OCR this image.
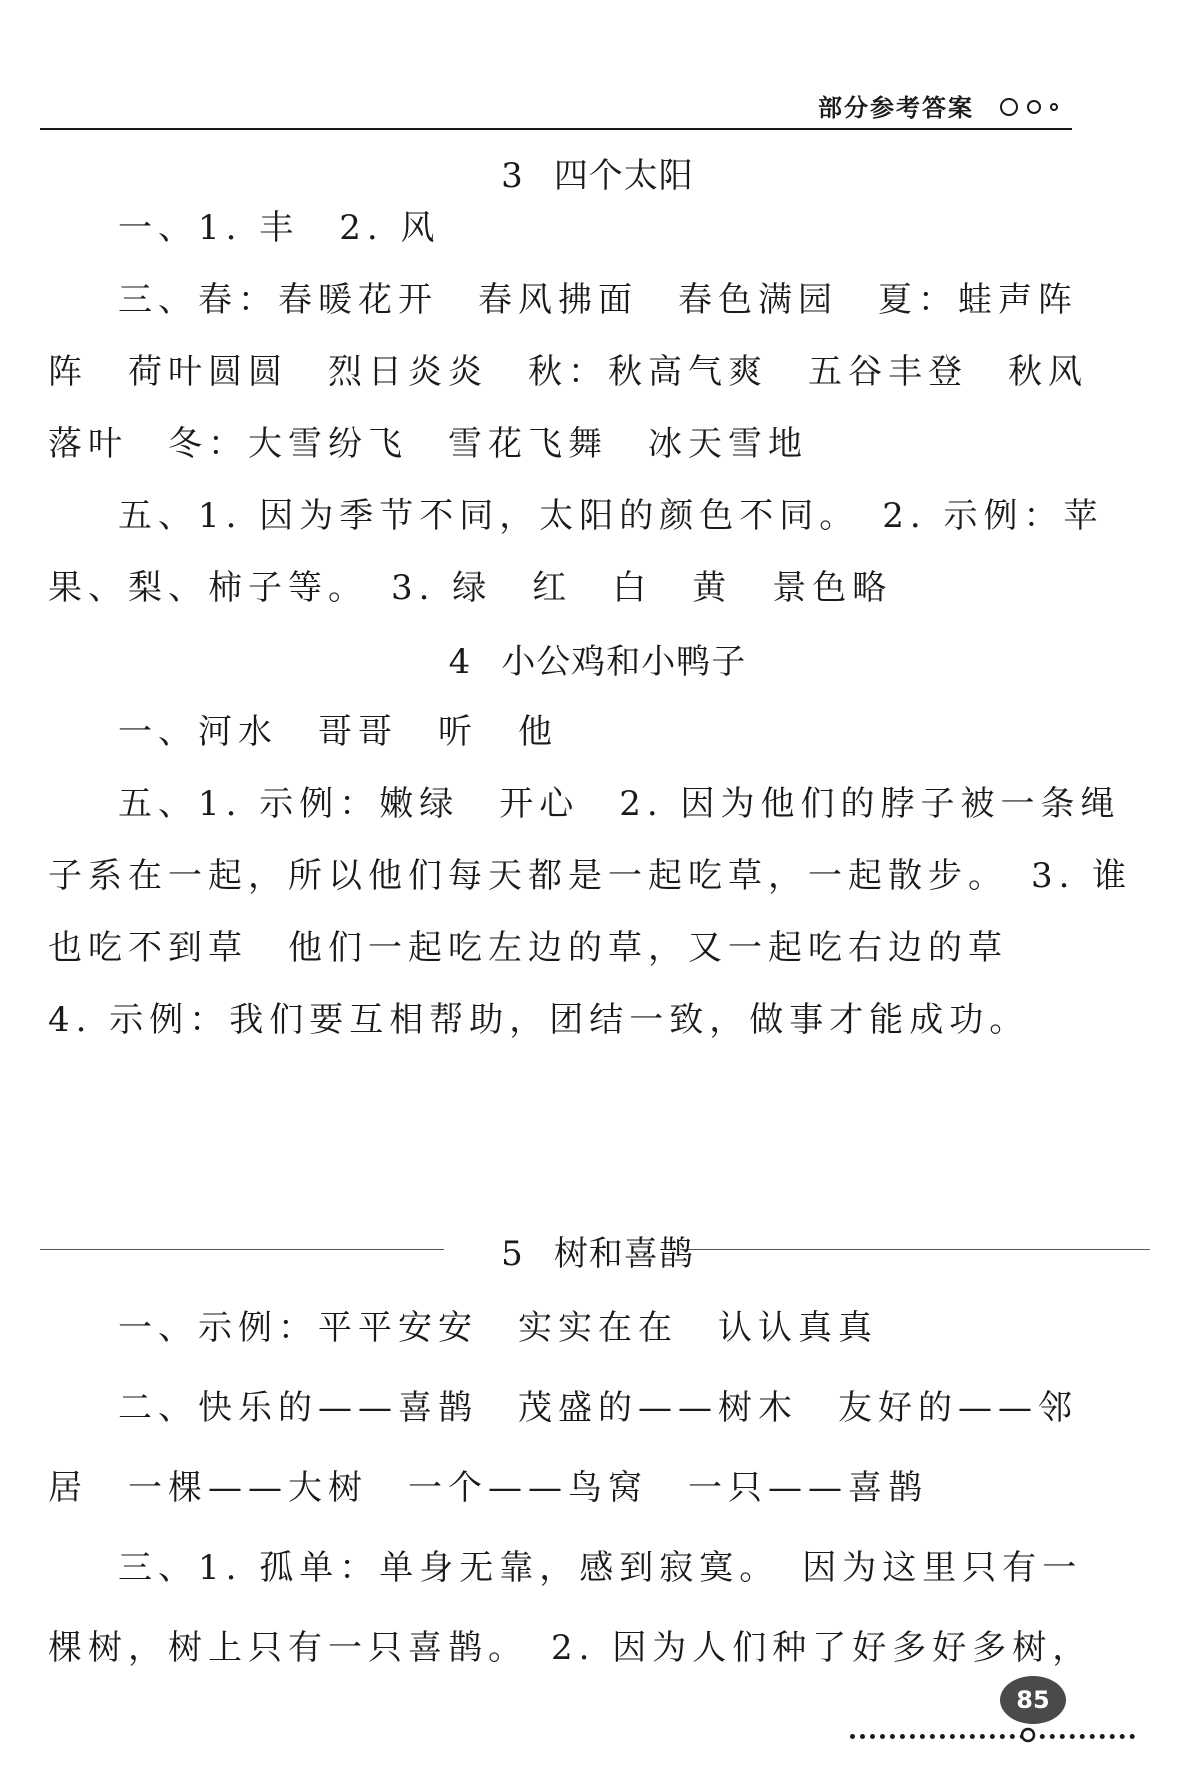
部分参考答案
3 四个太阳
一、1. 丰　2. 风
三、春：春暖花开　春风拂面　春色满园　夏：蛙声阵
阵　荷叶圆圆　烈日炎炎　秋：秋高气爽　五谷丰登　秋风
落叶　冬：大雪纷飞　雪花飞舞　冰天雪地
五、1. 因为季节不同，太阳的颜色不同。　2. 示例：苹
果、梨、柿子等。　3. 绿　红　白　黄　景色略
4 小公鸡和小鸭子
一、河水　哥哥　听　他
五、1. 示例：嫩绿　开心　2. 因为他们的脖子被一条绳
子系在一起，所以他们每天都是一起吃草，一起散步。　3. 谁
也吃不到草　他们一起吃左边的草，又一起吃右边的草
4. 示例：我们要互相帮助，团结一致，做事才能成功。
5 树和喜鹊
一、示例：平平安安　实实在在　认认真真
二、快乐的——喜鹊　茂盛的——树木　友好的——邻
居　一棵——大树　一个——鸟窝　一只——喜鹊
三、1. 孤单：单身无靠，感到寂寞。　因为这里只有一
棵树，树上只有一只喜鹊。　2. 因为人们种了好多好多树，
85
